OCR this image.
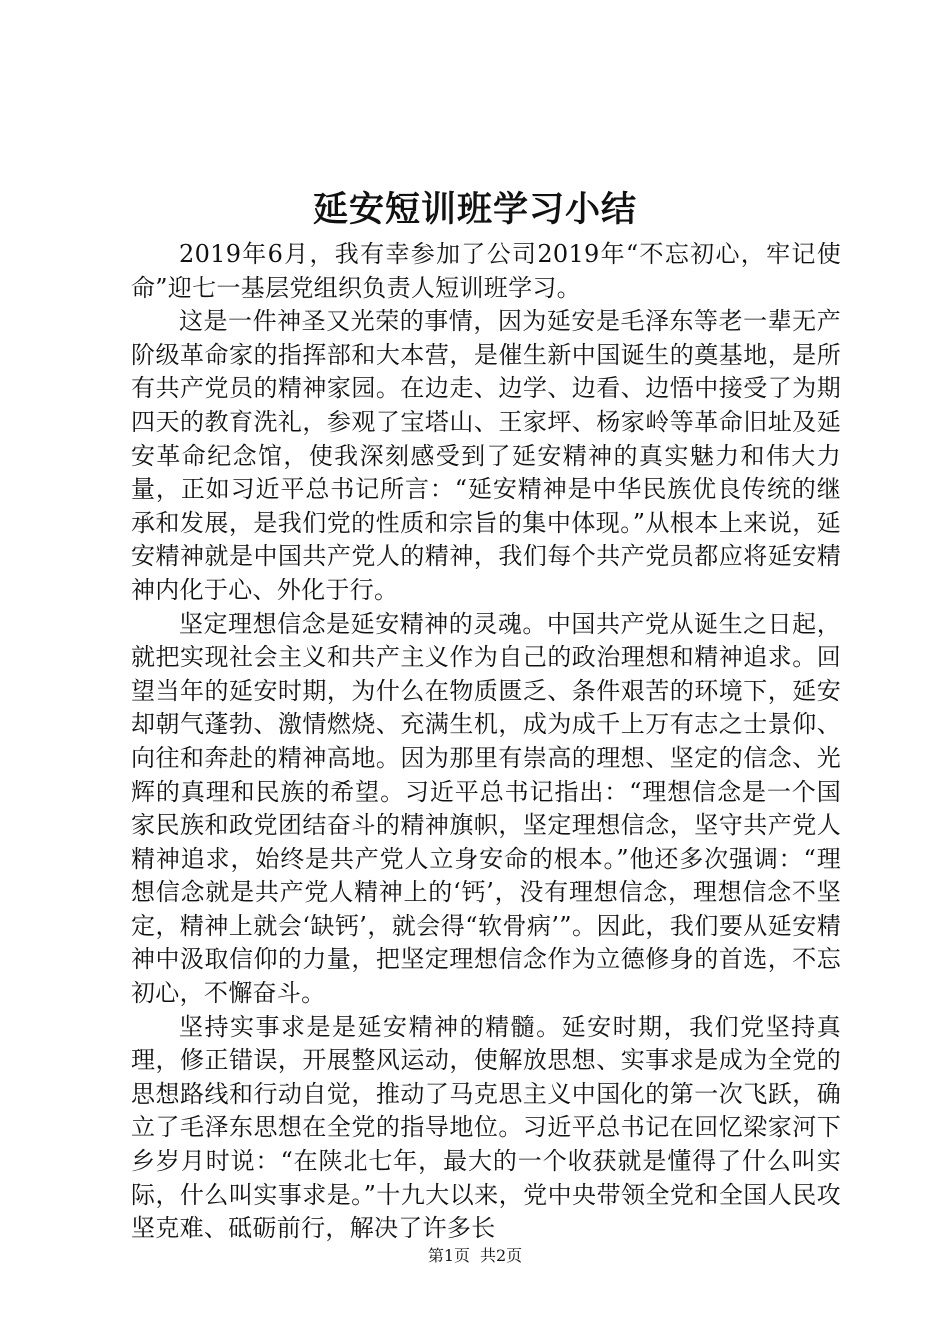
延安短训班学习小结

2019年6月，我有幸参加了公司2019年“不忘初心，牢记使命”迎七一基层党组织负责人短训班学习。

这是一件神圣又光荣的事情，因为延安是毛泽东等老一辈无产阶级革命家的指挥部和大本营，是催生新中国诞生的奠基地，是所有共产党员的精神家园。在边走、边学、边看、边悟中接受了为期四天的教育洗礼，参观了宝塔山、王家坪、杨家岭等革命旧址及延安革命纪念馆，使我深刻感受到了延安精神的真实魅力和伟大力量，正如习近平总书记所言：“延安精神是中华民族优良传统的继承和发展，是我们党的性质和宗旨的集中体现。”从根本上来说，延安精神就是中国共产党人的精神，我们每个共产党员都应将延安精神内化于心、外化于行。

坚定理想信念是延安精神的灵魂。中国共产党从诞生之日起，就把实现社会主义和共产主义作为自己的政治理想和精神追求。回望当年的延安时期，为什么在物质匮乏、条件艰苦的环境下，延安却朝气蓬勃、激情燃烧、充满生机，成为成千上万有志之士景仰、向往和奔赴的精神高地。因为那里有崇高的理想、坚定的信念、光辉的真理和民族的希望。习近平总书记指出：“理想信念是一个国家民族和政党团结奋斗的精神旗帜，坚定理想信念，坚守共产党人精神追求，始终是共产党人立身安命的根本。”他还多次强调：“理想信念就是共产党人精神上的‘钙’，没有理想信念，理想信念不坚定，精神上就会‘缺钙’，就会得“软骨病’”。因此，我们要从延安精神中汲取信仰的力量，把坚定理想信念作为立德修身的首选，不忘初心，不懈奋斗。

坚持实事求是是延安精神的精髓。延安时期，我们党坚持真理，修正错误，开展整风运动，使解放思想、实事求是成为全党的思想路线和行动自觉，推动了马克思主义中国化的第一次飞跃，确立了毛泽东思想在全党的指导地位。习近平总书记在回忆梁家河下乡岁月时说：“在陕北七年，最大的一个收获就是懂得了什么叫实际，什么叫实事求是。”十九大以来，党中央带领全党和全国人民攻坚克难、砥砺前行，解决了许多长

第1页 共2页
